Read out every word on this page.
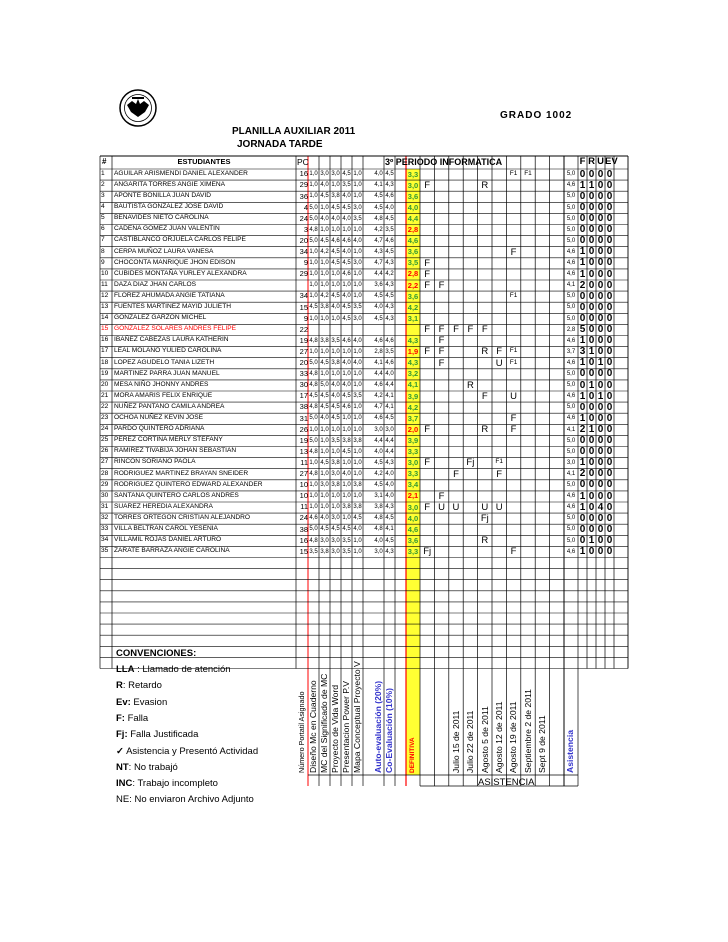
GRADO 1002
PLANILLA AUXILIAR 2011
JORNADA TARDE
#	ESTUDIANTES	PC	3º PERIODO INFORMATICA	F R U EV
1 AGUILAR ARISMENDI DANIEL ALEXANDER	16 1,0 3,0 3,0 4,5 1,0 4,0 4,5 3,3	F1	F1	5,0 0 0 0 0
2 ANGARITA TORRES ANGIE XIMENA	29 1,0 4,0 1,0 3,5 1,0 4,1 4,3 3,0 F	R	4,6 1 1 0 0
3 APONTE BONILLA JUAN DAVID	36 1,0 4,5 3,8 4,0 1,0 4,5 4,6 3,6	5,0 0 0 0 0
4 BAUTISTA GONZALEZ JOSE DAVID	4 5,0 1,0 4,5 4,5 3,0 4,5 4,0 4,0	5,0 0 0 0 0
5 BENAVIDES NIETO CAROLINA	24 5,0 4,0 4,0 4,0 3,5 4,8 4,5 4,4	5,0 0 0 0 0
6 CADENA GOMEZ JUAN VALENTIN	3 4,8 1,0 1,0 1,0 1,0 4,2 3,5 2,8	5,0 0 0 0 0
7 CASTIBLANCO ORJUELA CARLOS FELIPE	20 5,0 4,5 4,6 4,6 4,0 4,7 4,6 4,6	5,0 0 0 0 0
8 CERPA MUÑOZ LAURA VANESA	34 1,0 4,2 4,5 4,0 1,0 4,3 4,5 3,6	F	4,6 1 0 0 0
9 CHOCONTA MANRIQUE JHON EDISON	9 1,0 1,0 4,5 4,5 3,0 4,7 4,3 3,5 F	4,6 1 0 0 0
10 CUBIDES MONTAÑA YURLEY ALEXANDRA	29 1,0 1,0 1,0 4,6 1,0 4,4 4,2 2,8 F	4,6 1 0 0 0
11 DAZA DIAZ JHAN CARLOS	1,0 1,0 1,0 1,0 1,0 3,6 4,3 2,2 F F	4,1 2 0 0 0
12 FLOREZ AHUMADA ANGIE TATIANA	34 1,0 4,2 4,5 4,0 1,0 4,5 4,5 3,6	F1	5,0 0 0 0 0
13 FUENTES MARTINEZ MAYID JULIETH	15 4,5 3,8 4,0 4,5 3,5 4,0 4,3 4,2	5,0 0 0 0 0
14 GONZALEZ GARZON MICHEL	9 1,0 1,0 1,0 4,5 3,0 4,5 4,3 3,1	5,0 0 0 0 0
15 GONZALEZ SOLARES ANDRES FELIPE	22	F F F F F	2,8 5 0 0 0
16 IBAÑEZ CABEZAS LAURA KATHERIN	19 4,8 3,8 3,5 4,6 4,0 4,6 4,6 4,3	F	4,6 1 0 0 0
17 LEAL MOLANO YULIED CAROLINA	27 1,0 1,0 1,0 1,0 1,0 2,8 3,5 1,9 F F	R F	F1	3,7 3 1 0 0
18 LOPEZ AGUDELO TANIA LIZETH	20 5,0 4,5 3,8 4,0 4,0 4,1 4,6 4,3	F	U	F1	4,6 1 0 1 0
19 MARTINEZ PARRA JUAN MANUEL	33 4,8 1,0 1,0 1,0 1,0 4,4 4,0 3,2	5,0 0 0 0 0
20 MESA NIÑO JHONNY ANDRES	30 4,8 5,0 4,0 4,0 1,0 4,6 4,4 4,1	R	5,0 0 1 0 0
21 MORA AMARIS FELIX ENRIQUE	17 4,5 4,5 4,0 4,5 3,5 4,2 4,1 3,9	F	U	4,6 1 0 1 0
22 NUÑEZ PANTANO CAMILA ANDREA	38 4,8 4,5 4,5 4,6 1,0 4,7 4,1 4,2	5,0 0 0 0 0
23 OCHOA NUÑEZ KEVIN JOSE	31 5,0 4,0 4,5 1,0 1,0 4,6 4,5 3,7	F	4,6 1 0 0 0
24 PARDO QUINTERO ADRIANA	26 1,0 1,0 1,0 1,0 1,0 3,0 3,0 2,0 F	R	F	4,1 2 1 0 0
25 PEREZ CORTINA MERLY STEFANY	19 5,0 1,0 3,5 3,8 3,8 4,4 4,4 3,9	5,0 0 0 0 0
26 RAMIREZ TIVABIJA JOHAN SEBASTIAN	13 4,8 1,0 1,0 4,5 1,0 4,0 4,4 3,3	5,0 0 0 0 0
27 RINCON SORIANO PAOLA	11 1,0 4,5 3,8 1,0 1,0 4,5 4,3 3,0 F	Fj	F1	3,0 1 0 0 0
28 RODRIGUEZ MARTINEZ BRAYAN SNEIDER	27 4,8 1,0 3,0 4,0 1,0 4,2 4,0 3,3	F	F	4,1 2 0 0 0
29 RODRIGUEZ QUINTERO EDWARD ALEXANDER	10 1,0 3,0 3,8 1,0 3,8 4,5 4,0 3,4	5,0 0 0 0 0
30 SANTANA QUINTERO CARLOS ANDRES	10 1,0 1,0 1,0 1,0 1,0 3,1 4,0 2,1	F	4,6 1 0 0 0
31 SUAREZ HEREDIA ALEXANDRA	11 1,0 1,0 1,0 3,8 3,8 3,8 4,3 3,0 F U U	U U	4,6 1 0 4 0
32 TORRES ORTEGON CRISTIAN ALEJANDRO	24 4,6 4,0 3,0 1,0 4,5 4,8 4,5 4,0	Fj	5,0 0 0 0 0
33 VILLA BELTRAN CAROL YESENIA	38 5,0 4,5 4,5 4,5 4,0 4,8 4,1 4,6	5,0 0 0 0 0
34 VILLAMIL ROJAS DANIEL ARTURO	16 4,8 3,0 3,0 3,5 1,0 4,0 4,5 3,6	R	5,0 0 1 0 0
35 ZARATE BARRAZA ANGIE CAROLINA	15 3,5 3,8 3,0 3,5 1,0 3,0 4,3 3,3 Fj	F	4,6 1 0 0 0
Número Portatil Asignado Diseño Mc en Cuaderno MC del Significado de MC Proyecto de Vida Word Presentacion Power P.V Mapa Conceptual Proyecto V Auto-evaluación (20%) Co-Evaluación (10%) DEFINITIVA	Julio 15 de 2011 Julio 22 de 2011 Agosto 5 de 2011 Agosto 12 de 2011 Agosto 19 de 2011 Septiembre 2 de 2011 Sept 9 de 2011 Asistencia
CONVENCIONES:
LLA : Llamado de atención
R: Retardo
Ev: Evasion
F: Falla
Fj: Falla Justificada
✓ Asistencia y Presentó Actividad
NT: No trabajó
INC: Trabajo incompleto
NE: No enviaron Archivo Adjunto
ASISTENCIA
